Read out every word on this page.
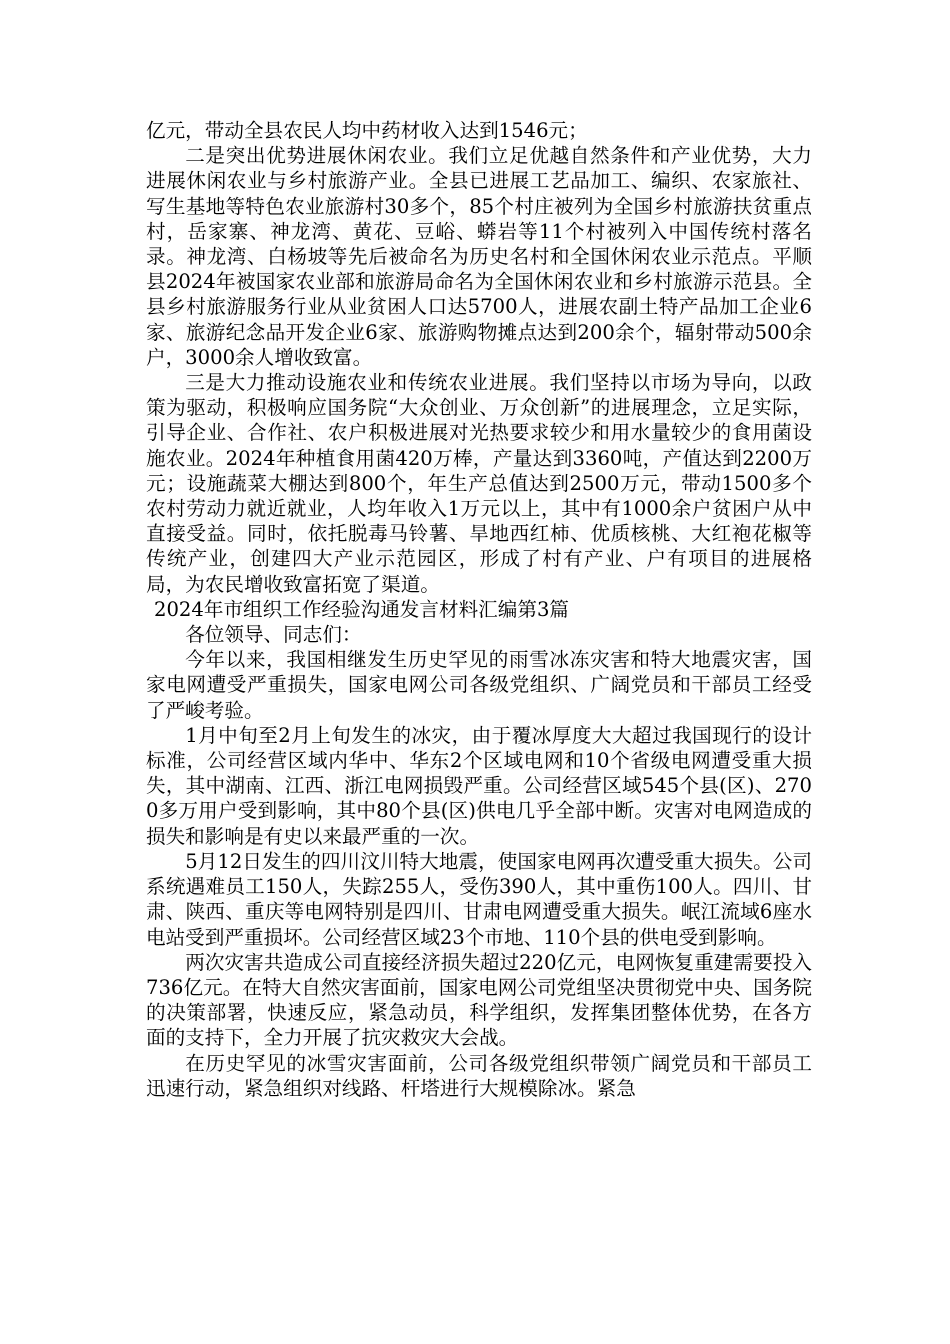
亿元，带动全县农民人均中药材收入达到1546元；

二是突出优势进展休闲农业。我们立足优越自然条件和产业优势，大力进展休闲农业与乡村旅游产业。全县已进展工艺品加工、编织、农家旅社、写生基地等特色农业旅游村30多个，85个村庄被列为全国乡村旅游扶贫重点村，岳家寨、神龙湾、黄花、豆峪、蟒岩等11个村被列入中国传统村落名录。神龙湾、白杨坡等先后被命名为历史名村和全国休闲农业示范点。平顺县2024年被国家农业部和旅游局命名为全国休闲农业和乡村旅游示范县。全县乡村旅游服务行业从业贫困人口达5700人，进展农副土特产品加工企业6家、旅游纪念品开发企业6家、旅游购物摊点达到200余个，辐射带动500余户，3000余人增收致富。

三是大力推动设施农业和传统农业进展。我们坚持以市场为导向，以政策为驱动，积极响应国务院“大众创业、万众创新”的进展理念，立足实际，引导企业、合作社、农户积极进展对光热要求较少和用水量较少的食用菌设施农业。2024年种植食用菌420万棒，产量达到3360吨，产值达到2200万元；设施蔬菜大棚达到800个，年生产总值达到2500万元，带动1500多个农村劳动力就近就业，人均年收入1万元以上，其中有1000余户贫困户从中直接受益。同时，依托脱毒马铃薯、旱地西红柿、优质核桃、大红袍花椒等传统产业，创建四大产业示范园区，形成了村有产业、户有项目的进展格局，为农民增收致富拓宽了渠道。

2024年市组织工作经验沟通发言材料汇编第3篇

各位领导、同志们：

今年以来，我国相继发生历史罕见的雨雪冰冻灾害和特大地震灾害，国家电网遭受严重损失，国家电网公司各级党组织、广阔党员和干部员工经受了严峻考验。

1月中旬至2月上旬发生的冰灾，由于覆冰厚度大大超过我国现行的设计标准，公司经营区域内华中、华东2个区域电网和10个省级电网遭受重大损失，其中湖南、江西、浙江电网损毁严重。公司经营区域545个县(区)、2700多万用户受到影响，其中80个县(区)供电几乎全部中断。灾害对电网造成的损失和影响是有史以来最严重的一次。

5月12日发生的四川汶川特大地震，使国家电网再次遭受重大损失。公司系统遇难员工150人，失踪255人，受伤390人，其中重伤100人。四川、甘肃、陕西、重庆等电网特别是四川、甘肃电网遭受重大损失。岷江流域6座水电站受到严重损坏。公司经营区域23个市地、110个县的供电受到影响。

两次灾害共造成公司直接经济损失超过220亿元，电网恢复重建需要投入736亿元。在特大自然灾害面前，国家电网公司党组坚决贯彻党中央、国务院的决策部署，快速反应，紧急动员，科学组织，发挥集团整体优势，在各方面的支持下，全力开展了抗灾救灾大会战。

在历史罕见的冰雪灾害面前，公司各级党组织带领广阔党员和干部员工迅速行动，紧急组织对线路、杆塔进行大规模除冰。紧急
